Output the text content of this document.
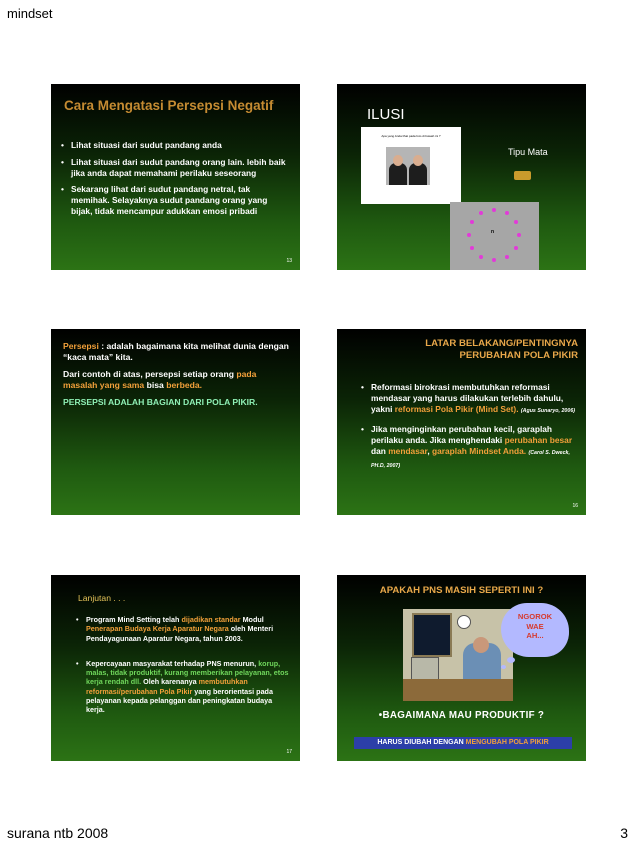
mindset
Cara Mengatasi Persepsi Negatif
• Lihat situasi dari sudut pandang anda
• Lihat situasi dari sudut pandang orang lain. lebih baik jika anda dapat memahami perilaku seseorang
• Sekarang lihat dari sudut pandang netral, tak memihak. Selayaknya sudut pandang orang yang bijak, tidak mencampur adukkan emosi pribadi
13
ILUSI
Apa yang Anda lihat pada foto di bawah ini ?
Tipu Mata
n
Persepsi : adalah bagaimana kita melihat dunia dengan “kaca mata” kita.
Dari contoh di atas, persepsi setiap orang pada masalah yang sama bisa berbeda.
PERSEPSI ADALAH BAGIAN DARI POLA PIKIR.
LATAR BELAKANG/PENTINGNYA
PERUBAHAN POLA PIKIR
• Reformasi birokrasi membutuhkan reformasi mendasar yang harus dilakukan terlebih dahulu, yakni reformasi Pola Pikir (Mind Set). (Agus Sunaryo, 2006)
• Jika menginginkan perubahan kecil, garaplah perilaku anda. Jika menghendaki perubahan besar dan mendasar, garaplah Mindset Anda. (Carol S. Dweck, PH.D, 2007)
16
Lanjutan . . .
• Program Mind Setting telah dijadikan standar Modul Penerapan Budaya Kerja Aparatur Negara oleh Menteri Pendayagunaan Aparatur Negara, tahun 2003.
• Kepercayaan masyarakat terhadap PNS menurun, korup, malas, tidak produktif, kurang memberikan pelayanan, etos kerja rendah dll. Oleh karenanya membutuhkan reformasi/perubahan Pola Pikir yang berorientasi pada pelayanan kepada pelanggan dan peningkatan budaya kerja.
17
APAKAH PNS MASIH SEPERTI INI ?
NGOROK
WAE
AH...
•BAGAIMANA MAU PRODUKTIF ?
HARUS DIUBAH DENGAN MENGUBAH POLA PIKIR
surana ntb 2008	3
